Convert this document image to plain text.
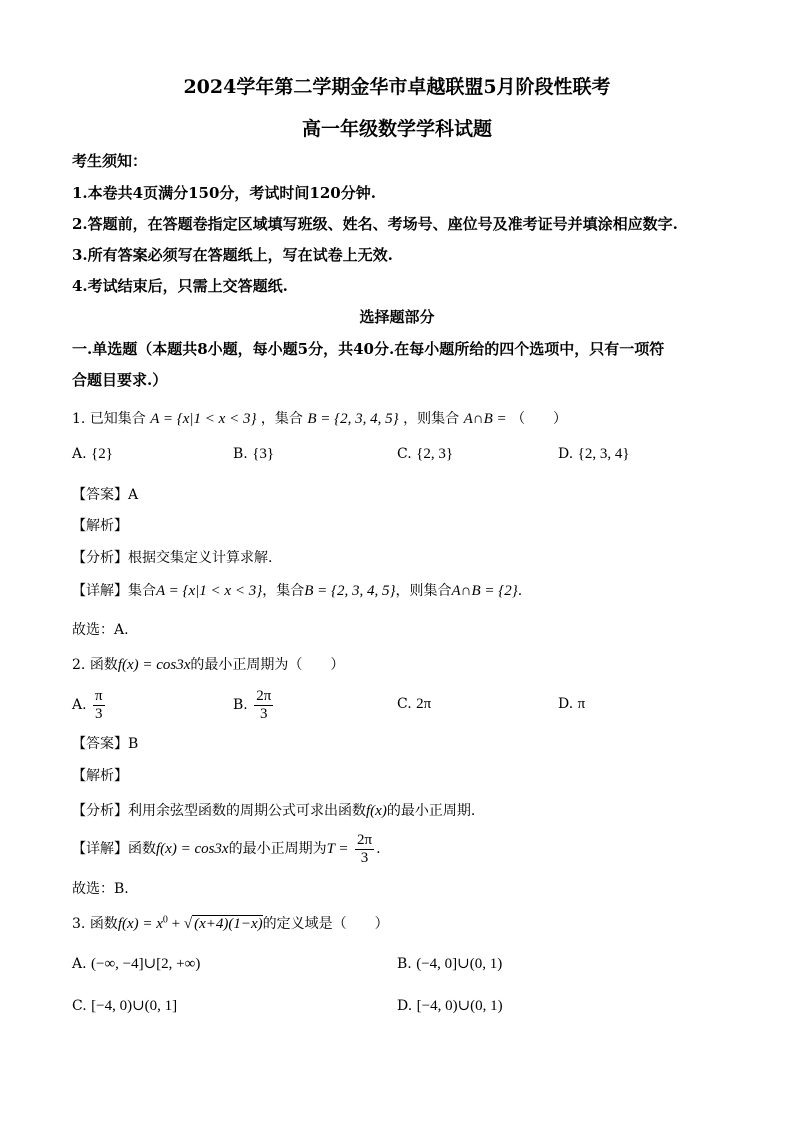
2024学年第二学期金华市卓越联盟5月阶段性联考
高一年级数学学科试题
考生须知：
1.本卷共4页满分150分，考试时间120分钟.
2.答题前，在答题卷指定区域填写班级、姓名、考场号、座位号及准考证号并填涂相应数字.
3.所有答案必须写在答题纸上，写在试卷上无效.
4.考试结束后，只需上交答题纸.
选择题部分
一.单选题（本题共8小题，每小题5分，共40分.在每小题所给的四个选项中，只有一项符
合题目要求.）
1. 已知集合 A = {x|1 < x < 3} ，集合 B = {2, 3, 4, 5} ，则集合 A∩B = （　　）
A. {2}	B. {3}	C. {2, 3}	D. {2, 3, 4}
【答案】A
【解析】
【分析】根据交集定义计算求解.
【详解】集合A = {x|1 < x < 3}，集合B = {2, 3, 4, 5}，则集合A∩B = {2}.
故选：A.
2. 函数f(x) = cos3x的最小正周期为（　　）
A. $\frac{\pi}{3}$	B. $\frac{2\pi}{3}$	C. 2π	D. π
【答案】B
【解析】
【分析】利用余弦型函数的周期公式可求出函数f(x)的最小正周期.
【详解】函数f(x) = cos3x的最小正周期为$T = \frac{2\pi}{3}$ .
故选：B.
3. 函数$f(x) = x^0$ + √ (x+4)(1−x)的定义域是（　　）
A. (−∞, −4]∪[2, +∞)	B. (−4, 0]∪(0, 1)
C. [−4, 0)∪(0, 1]	D. [−4, 0)∪(0, 1)
